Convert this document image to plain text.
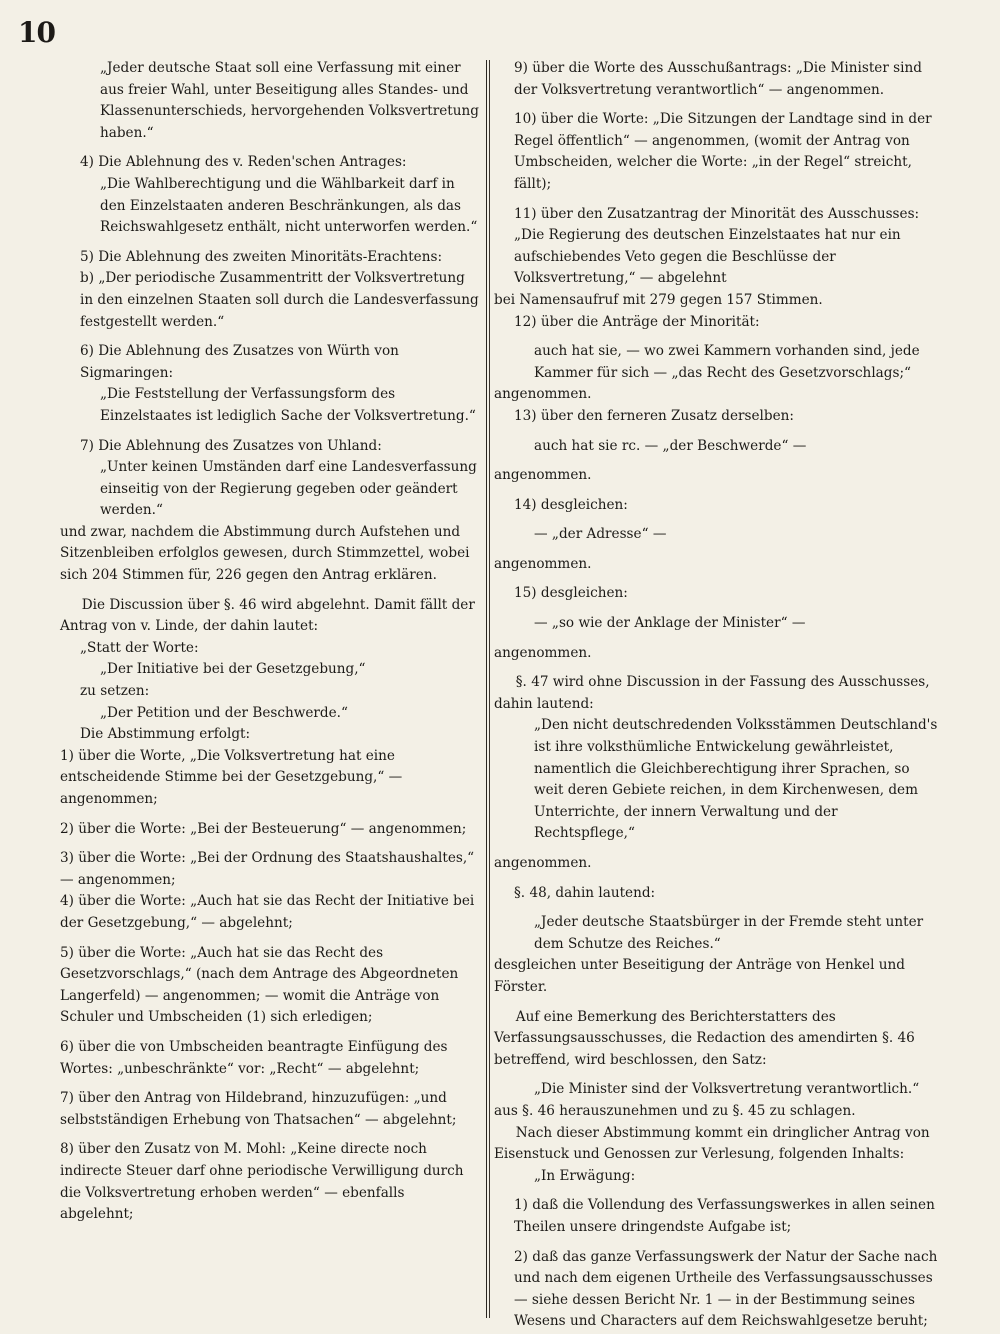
10

„Jeder deutsche Staat soll eine Verfassung mit einer aus freier Wahl, unter Beseitigung alles Standes- und Klassenunterschieds, hervorgehenden Volksvertretung haben.“

4) Die Ablehnung des v. Reden'schen Antrages:

„Die Wahlberechtigung und die Wählbarkeit darf in den Einzelstaaten anderen Beschränkungen, als das Reichswahlgesetz enthält, nicht unterworfen werden.“

5) Die Ablehnung des zweiten Minoritäts-Erachtens:

b) „Der periodische Zusammentritt der Volksvertretung in den einzelnen Staaten soll durch die Landesverfassung festgestellt werden.“

6) Die Ablehnung des Zusatzes von Würth von Sigmaringen:

„Die Feststellung der Verfassungsform des Einzelstaates ist lediglich Sache der Volksvertretung.“

7) Die Ablehnung des Zusatzes von Uhland:

„Unter keinen Umständen darf eine Landesverfassung einseitig von der Regierung gegeben oder geändert werden.“

und zwar, nachdem die Abstimmung durch Aufstehen und Sitzenbleiben erfolglos gewesen, durch Stimmzettel, wobei sich 204 Stimmen für, 226 gegen den Antrag erklären.

Die Discussion über §. 46 wird abgelehnt. Damit fällt der Antrag von v. Linde, der dahin lautet:

„Statt der Worte:

„Der Initiative bei der Gesetzgebung,“

zu setzen:

„Der Petition und der Beschwerde.“

Die Abstimmung erfolgt:

1) über die Worte, „Die Volksvertretung hat eine entscheidende Stimme bei der Gesetzgebung,“ — angenommen;

2) über die Worte: „Bei der Besteuerung“ — angenommen;

3) über die Worte: „Bei der Ordnung des Staatshaushaltes,“ — angenommen;

4) über die Worte: „Auch hat sie das Recht der Initiative bei der Gesetzgebung,“ — abgelehnt;

5) über die Worte: „Auch hat sie das Recht des Gesetzvorschlags,“ (nach dem Antrage des Abgeordneten Langerfeld) — angenommen; — womit die Anträge von Schuler und Umbscheiden (1) sich erledigen;

6) über die von Umbscheiden beantragte Einfügung des Wortes: „unbeschränkte“ vor: „Recht“ — abgelehnt;

7) über den Antrag von Hildebrand, hinzuzufügen: „und selbstständigen Erhebung von Thatsachen“ — abgelehnt;

8) über den Zusatz von M. Mohl: „Keine directe noch indirecte Steuer darf ohne periodische Verwilligung durch die Volksvertretung erhoben werden“ — ebenfalls abgelehnt;

9) über die Worte des Ausschußantrags: „Die Minister sind der Volksvertretung verantwortlich“ — angenommen.

10) über die Worte: „Die Sitzungen der Landtage sind in der Regel öffentlich“ — angenommen, (womit der Antrag von Umbscheiden, welcher die Worte: „in der Regel“ streicht, fällt);

11) über den Zusatzantrag der Minorität des Ausschusses: „Die Regierung des deutschen Einzelstaates hat nur ein aufschiebendes Veto gegen die Beschlüsse der Volksvertretung,“ — abgelehnt

bei Namensaufruf mit 279 gegen 157 Stimmen.

12) über die Anträge der Minorität:

auch hat sie, — wo zwei Kammern vorhanden sind, jede Kammer für sich — „das Recht des Gesetzvorschlags;“

angenommen.

13) über den ferneren Zusatz derselben:

auch hat sie rc. — „der Beschwerde“ —

angenommen.

14) desgleichen:

— „der Adresse“ —

angenommen.

15) desgleichen:

— „so wie der Anklage der Minister“ —

angenommen.

§. 47 wird ohne Discussion in der Fassung des Ausschusses, dahin lautend:

„Den nicht deutschredenden Volksstämmen Deutschland's ist ihre volksthümliche Entwickelung gewährleistet, namentlich die Gleichberechtigung ihrer Sprachen, so weit deren Gebiete reichen, in dem Kirchenwesen, dem Unterrichte, der innern Verwaltung und der Rechtspflege,“

angenommen.

§. 48, dahin lautend:

„Jeder deutsche Staatsbürger in der Fremde steht unter dem Schutze des Reiches.“

desgleichen unter Beseitigung der Anträge von Henkel und Förster.

Auf eine Bemerkung des Berichterstatters des Verfassungsausschusses, die Redaction des amendirten §. 46 betreffend, wird beschlossen, den Satz:

„Die Minister sind der Volksvertretung verantwortlich.“

aus §. 46 herauszunehmen und zu §. 45 zu schlagen.

Nach dieser Abstimmung kommt ein dringlicher Antrag von Eisenstuck und Genossen zur Verlesung, folgenden Inhalts:

„In Erwägung:

1) daß die Vollendung des Verfassungswerkes in allen seinen Theilen unsere dringendste Aufgabe ist;

2) daß das ganze Verfassungswerk der Natur der Sache nach und nach dem eigenen Urtheile des Verfassungsausschusses — siehe dessen Bericht Nr. 1 — in der Bestimmung seines Wesens und Characters auf dem Reichswahlgesetze beruht;
